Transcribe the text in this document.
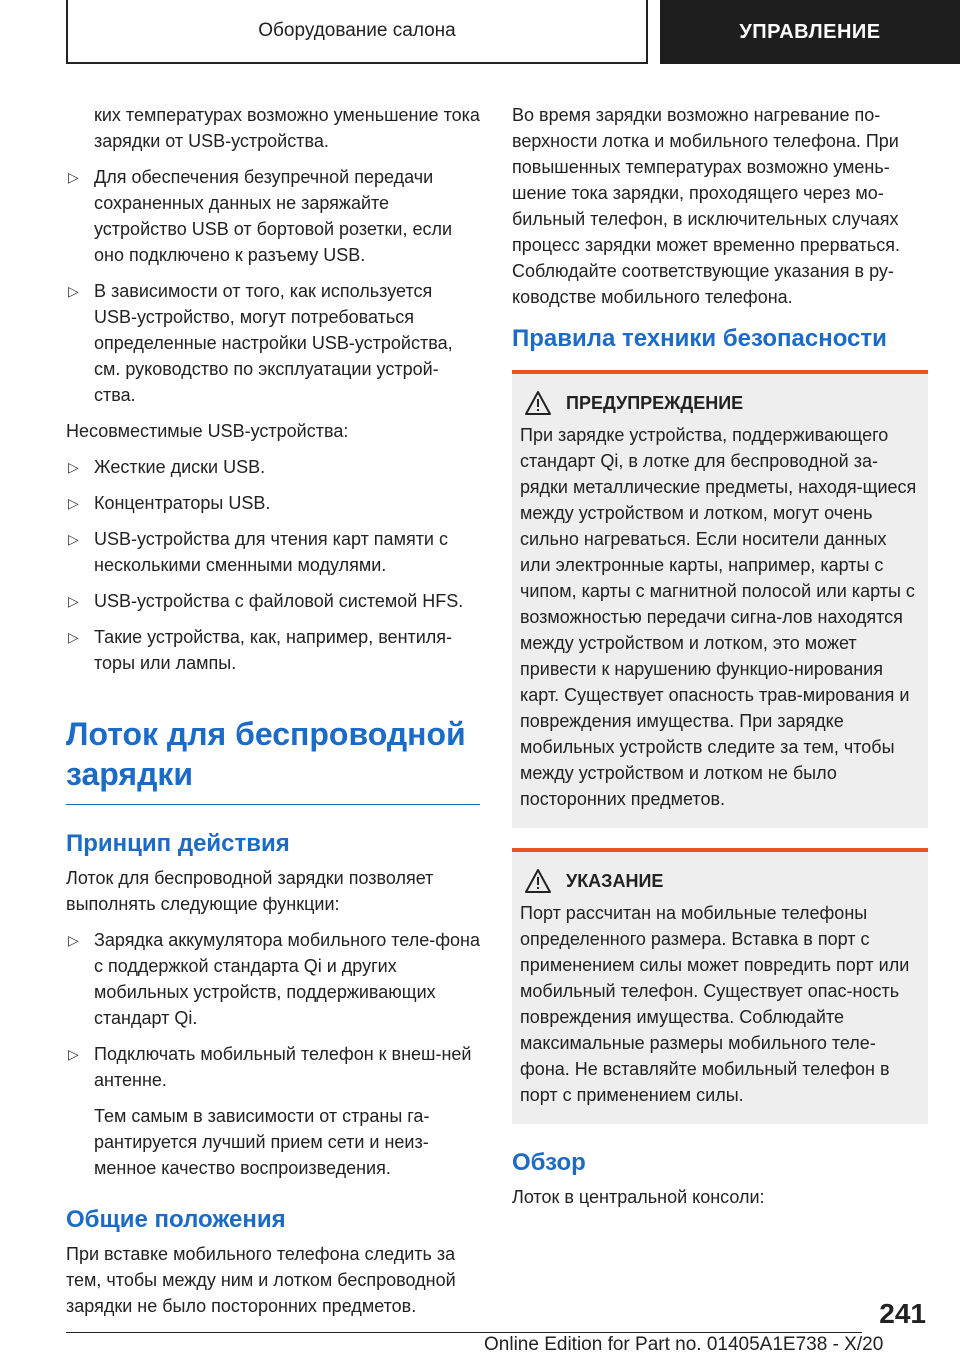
Оборудование салона	УПРАВЛЕНИЕ

ких температурах возможно уменьшение тока зарядки от USB-устройства.

▷ Для обеспечения безупречной передачи сохраненных данных не заряжайте устройство USB от бортовой розетки, если оно подключено к разъему USB.
▷ В зависимости от того, как используется USB-устройство, могут потребоваться определенные настройки USB-устройства, см. руководство по эксплуатации устрой-ства.

Несовместимые USB-устройства:

▷ Жесткие диски USB.
▷ Концентраторы USB.
▷ USB-устройства для чтения карт памяти с несколькими сменными модулями.
▷ USB-устройства с файловой системой HFS.
▷ Такие устройства, как, например, вентиля-торы или лампы.
Лоток для беспроводной зарядки
Принцип действия

Лоток для беспроводной зарядки позволяет выполнять следующие функции:

▷ Зарядка аккумулятора мобильного теле-фона с поддержкой стандарта Qi и других мобильных устройств, поддерживающих стандарт Qi.
▷ Подключать мобильный телефон к внеш-ней антенне.

Тем самым в зависимости от страны га-рантируется лучший прием сети и неиз-менное качество воспроизведения.

Общие положения

При вставке мобильного телефона следить за тем, чтобы между ним и лотком беспроводной зарядки не было посторонних предметов.

Во время зарядки возможно нагревание по-верхности лотка и мобильного телефона. При повышенных температурах возможно умень-шение тока зарядки, проходящего через мо-бильный телефон, в исключительных случаях процесс зарядки может временно прерваться. Соблюдайте соответствующие указания в ру-ководстве мобильного телефона.

Правила техники безопасности
ПРЕДУПРЕЖДЕНИЕ

При зарядке устройства, поддерживающего стандарт Qi, в лотке для беспроводной за-рядки металлические предметы, находя-щиеся между устройством и лотком, могут очень сильно нагреваться. Если носители данных или электронные карты, например, карты с чипом, карты с магнитной полосой или карты с возможностью передачи сигна-лов находятся между устройством и лотком, это может привести к нарушению функцио-нирования карт. Существует опасность трав-мирования и повреждения имущества. При зарядке мобильных устройств следите за тем, чтобы между устройством и лотком не было посторонних предметов.

УКАЗАНИЕ

Порт рассчитан на мобильные телефоны определенного размера. Вставка в порт с применением силы может повредить порт или мобильный телефон. Существует опас-ность повреждения имущества. Соблюдайте максимальные размеры мобильного теле-фона. Не вставляйте мобильный телефон в порт с применением силы.

Обзор

Лоток в центральной консоли:

241
Online Edition for Part no. 01405A1E738 - X/20
